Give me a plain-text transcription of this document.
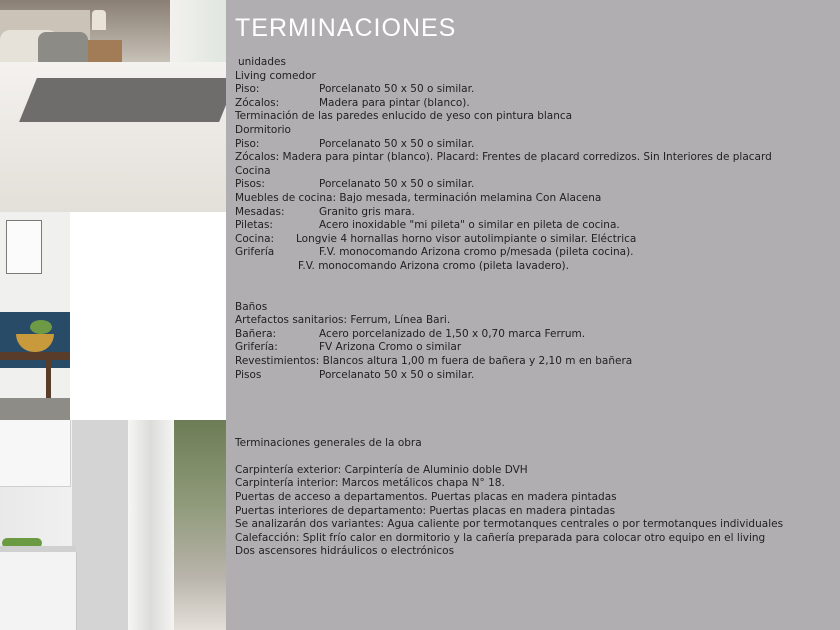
TERMINACIONES
unidades
Living comedor
Piso:	Porcelanato 50 x 50 o similar.
Zócalos:	Madera para pintar (blanco).
Terminación de las paredes enlucido de yeso con pintura blanca
Dormitorio
Piso:	Porcelanato 50 x 50 o similar.
Zócalos: Madera para pintar (blanco). Placard: Frentes de placard corredizos. Sin Interiores de placard
Cocina
Pisos:	Porcelanato 50 x 50 o similar.
Muebles de cocina: Bajo mesada, terminación melamina Con Alacena
Mesadas:	Granito gris mara.
Piletas:	Acero inoxidable "mi pileta" o similar en pileta de cocina.
Cocina:	Longvie 4 hornallas horno visor autolimpiante o similar. Eléctrica
Grifería	F.V. monocomando Arizona cromo p/mesada (pileta cocina).
F.V. monocomando Arizona cromo (pileta lavadero).
Baños
Artefactos sanitarios: Ferrum, Línea Bari.
Bañera:	Acero porcelanizado de 1,50 x 0,70 marca Ferrum.
Grifería:	FV Arizona Cromo o similar
Revestimientos: Blancos altura 1,00 m fuera de bañera y 2,10 m en bañera
Pisos	Porcelanato 50 x 50 o similar.
Terminaciones generales de la obra
Carpintería exterior: Carpintería de Aluminio doble DVH
Carpintería interior: Marcos metálicos chapa N° 18.
Puertas de acceso a departamentos. Puertas placas en madera pintadas
Puertas interiores de departamento: Puertas placas en madera pintadas
Se analizarán dos variantes: Agua caliente por termotanques centrales o por termotanques individuales
Calefacción: Split frío calor en dormitorio y la cañería preparada para colocar otro equipo en el living
Dos ascensores hidráulicos o electrónicos
